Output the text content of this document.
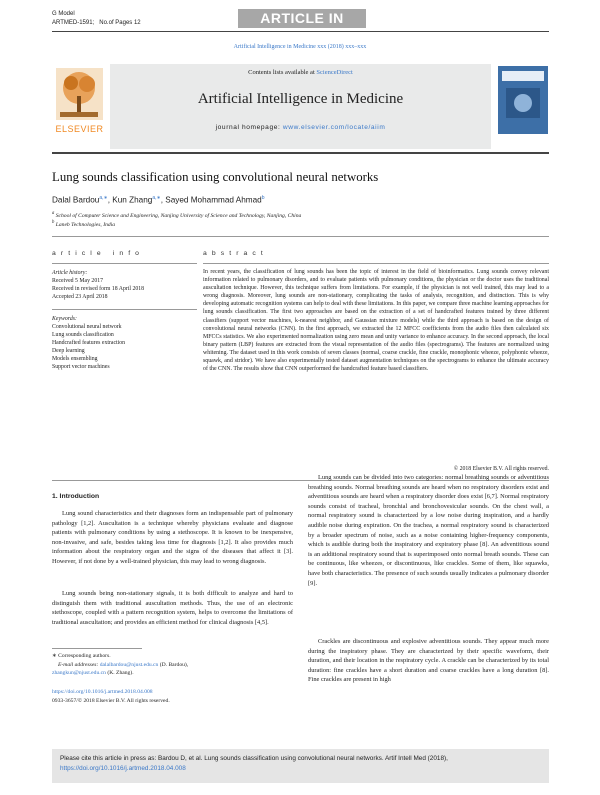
G Model
ARTMED-1591; No.of Pages 12	ARTICLE IN PRESS
Artificial Intelligence in Medicine xxx (2018) xxx–xxx
ELSEVIER
Contents lists available at ScienceDirect
Artificial Intelligence in Medicine
journal homepage: www.elsevier.com/locate/aiim
Lung sounds classification using convolutional neural networks
Dalal Bardou$^{a,∗}$, Kun Zhang$^{a,∗}$, Sayed Mohammad Ahmad$^b$
$^a$ School of Computer Science and Engineering, Nanjing University of Science and Technology, Nanjing, China
$^b$ Laneb Technologies, India
a r t i c l e   i n f o
Article history:
Received 5 May 2017
Received in revised form 18 April 2018
Accepted 23 April 2018
Keywords:
Convolutional neural network
Lung sounds classification
Handcrafted features extraction
Deep learning
Models ensembling
Support vector machines
a b s t r a c t
In recent years, the classification of lung sounds has been the topic of interest in the field of bioinformatics. Lung sounds convey relevant information related to pulmonary disorders, and to evaluate patients with pulmonary conditions, the physician or the doctor uses the traditional auscultation technique. However, this technique suffers from limitations. For example, if the physician is not well trained, this may lead to a wrong diagnosis. Moreover, lung sounds are non-stationary, complicating the tasks of analysis, recognition, and distinction. This is why developing automatic recognition systems can help to deal with these limitations. In this paper, we compare three machine learning approaches for lung sounds classification. The first two approaches are based on the extraction of a set of handcrafted features trained by three different classifiers (support vector machines, k-nearest neighbor, and Gaussian mixture models) while the third approach is based on the design of convolutional neural networks (CNN). In the first approach, we extracted the 12 MFCC coefficients from the audio files then calculated six MFCCs statistics. We also experimented normalization using zero mean and unity variance to enhance accuracy. In the second approach, the local binary pattern (LBP) features are extracted from the visual representation of the audio files (spectrograms). The features are normalized using whitening. The dataset used in this work consists of seven classes (normal, coarse crackle, fine crackle, monophonic wheeze, polyphonic wheeze, squawk, and stridor). We have also experimentally tested dataset augmentation techniques on the spectrograms to enhance the ultimate accuracy of the CNN. The results show that CNN outperformed the handcrafted feature based classifiers.
© 2018 Elsevier B.V. All rights reserved.
1. Introduction
Lung sound characteristics and their diagnoses form an indispensable part of pulmonary pathology [1,2]. Auscultation is a technique whereby physicians evaluate and diagnose patients with pulmonary conditions by using a stethoscope. It is known to be inexpensive, non-invasive, and safe, besides taking less time for diagnosis [1,2]. It also provides much information about the respiratory organ and the signs of the diseases that affect it [3]. However, if not done by a well-trained physician, this may lead to wrong diagnosis.
Lung sounds being non-stationary signals, it is both difficult to analyze and hard to distinguish them with traditional auscultation methods. Thus, the use of an electronic stethoscope, coupled with a pattern recognition system, helps to overcome the limitations of traditional auscultation; and provides an efficient method for clinical diagnosis [4,5].
Lung sounds can be divided into two categories: normal breathing sounds or adventitious breathing sounds. Normal breathing sounds are heard when no respiratory disorders exist and adventitious sounds are heard when a respiratory disorder does exist [6,7]. Normal respiratory sounds consist of tracheal, bronchial and bronchovesicular sounds. On the chest wall, a normal respiratory sound is characterized by a low noise during inspiration, and a hardly audible noise during expiration. On the trachea, a normal respiratory sound is characterized by a broader spectrum of noise, such as a noise containing higher-frequency components, which is audible during both the inspiratory and expiratory phase [8]. An adventitious sound is an additional respiratory sound that is superimposed onto normal breath sounds. These can be continuous, like wheezes, or discontinuous, like crackles. Some of them, like squawks, have both characteristics. The presence of such sounds usually indicates a pulmonary disorder [9].
Crackles are discontinuous and explosive adventitious sounds. They appear much more during the inspiratory phase. They are characterized by their specific waveform, their duration, and their location in the respiratory cycle. A crackle can be characterized by its total duration: fine crackles have a short duration and coarse crackles have a long duration [8]. Fine crackles are present in high
∗ Corresponding authors.
E-mail addresses: dalalbardou@njust.edu.cn (D. Bardou),
zhangkun@njust.edu.cn (K. Zhang).
https://doi.org/10.1016/j.artmed.2018.04.008
0933-3657/© 2018 Elsevier B.V. All rights reserved.
Please cite this article in press as: Bardou D, et al. Lung sounds classification using convolutional neural networks. Artif Intell Med (2018), https://doi.org/10.1016/j.artmed.2018.04.008
